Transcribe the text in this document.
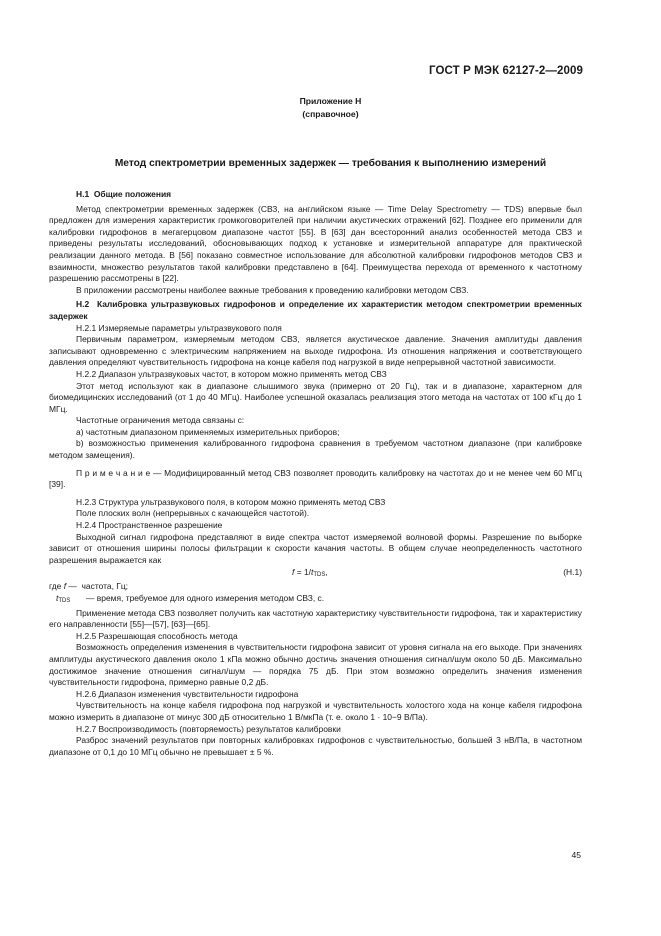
ГОСТ Р МЭК 62127-2—2009
Приложение Н
(справочное)
Метод спектрометрии временных задержек — требования к выполнению измерений

Н.1 Общие положения

Метод спектрометрии временных задержек (СВЗ, на английском языке — Time Delay Spectrometry — TDS) впервые был предложен для измерения характеристик громкоговорителей при наличии акустических отражений [62]. Позднее его применили для калибровки гидрофонов в мегагерцовом диапазоне частот [55]. В [63] дан всесторонний анализ особенностей метода СВЗ и приведены результаты исследований, обосновывающих подход к установке и измерительной аппаратуре для практической реализации данного метода. В [56] показано совместное использование для абсолютной калибровки гидрофонов методов СВЗ и взаимности, множество результатов такой калибровки представлено в [64]. Преимущества перехода от временного к частотному разрешению рассмотрены в [22].

В приложении рассмотрены наиболее важные требования к проведению калибровки методом СВЗ.

Н.2 Калибровка ультразвуковых гидрофонов и определение их характеристик методом спектрометрии временных задержек

Н.2.1 Измеряемые параметры ультразвукового поля

Первичным параметром, измеряемым методом СВЗ, является акустическое давление. Значения амплитуды давления записывают одновременно с электрическим напряжением на выходе гидрофона. Из отношения напряжения и соответствующего давления определяют чувствительность гидрофона на конце кабеля под нагрузкой в виде непрерывной частотной зависимости.

Н.2.2 Диапазон ультразвуковых частот, в котором можно применять метод СВЗ

Этот метод используют как в диапазоне слышимого звука (примерно от 20 Гц), так и в диапазоне, характерном для биомедицинских исследований (от 1 до 40 МГц). Наиболее успешной оказалась реализация этого метода на частотах от 100 кГц до 1 МГц.

Частотные ограничения метода связаны с:

а) частотным диапазоном применяемых измерительных приборов;

b) возможностью применения калиброванного гидрофона сравнения в требуемом частотном диапазоне (при калибровке методом замещения).

П р и м е ч а н и е — Модифицированный метод СВЗ позволяет проводить калибровку на частотах до и не менее чем 60 МГц [39].

Н.2.3 Структура ультразвукового поля, в котором можно применять метод СВЗ

Поле плоских волн (непрерывных с качающейся частотой).

Н.2.4 Пространственное разрешение

Выходной сигнал гидрофона представляют в виде спектра частот измеряемой волновой формы. Разрешение по выборке зависит от отношения ширины полосы фильтрации к скорости качания частоты. В общем случае неопределенность частотного разрешения выражается как

$f = 1/t_{TDS}$,	(Н.1)

где f —  частота, Гц;

$t_{TDS}$ — время, требуемое для одного измерения методом СВЗ, с.

Применение метода СВЗ позволяет получить как частотную характеристику чувствительности гидрофона, так и характеристику его направленности [55]—[57], [63]—[65].

Н.2.5 Разрешающая способность метода

Возможность определения изменения в чувствительности гидрофона зависит от уровня сигнала на его выходе. При значениях амплитуды акустического давления около 1 кПа можно обычно достичь значения отношения сигнал/шум около 50 дБ. Максимально достижимое значение отношения сигнал/шум — порядка 75 дБ. При этом возможно определить значения изменения чувствительности гидрофона, примерно равные 0,2 дБ.

Н.2.6 Диапазон изменения чувствительности гидрофона

Чувствительность на конце кабеля гидрофона под нагрузкой и чувствительность холостого хода на конце кабеля гидрофона можно измерить в диапазоне от минус 300 дБ относительно 1 В/мкПа (т. е. около 1 · 10−9 В/Па).

Н.2.7 Воспроизводимость (повторяемость) результатов калибровки

Разброс значений результатов при повторных калибровках гидрофонов с чувствительностью, большей 3 нВ/Па, в частотном диапазоне от 0,1 до 10 МГц обычно не превышает ± 5 %.

45
